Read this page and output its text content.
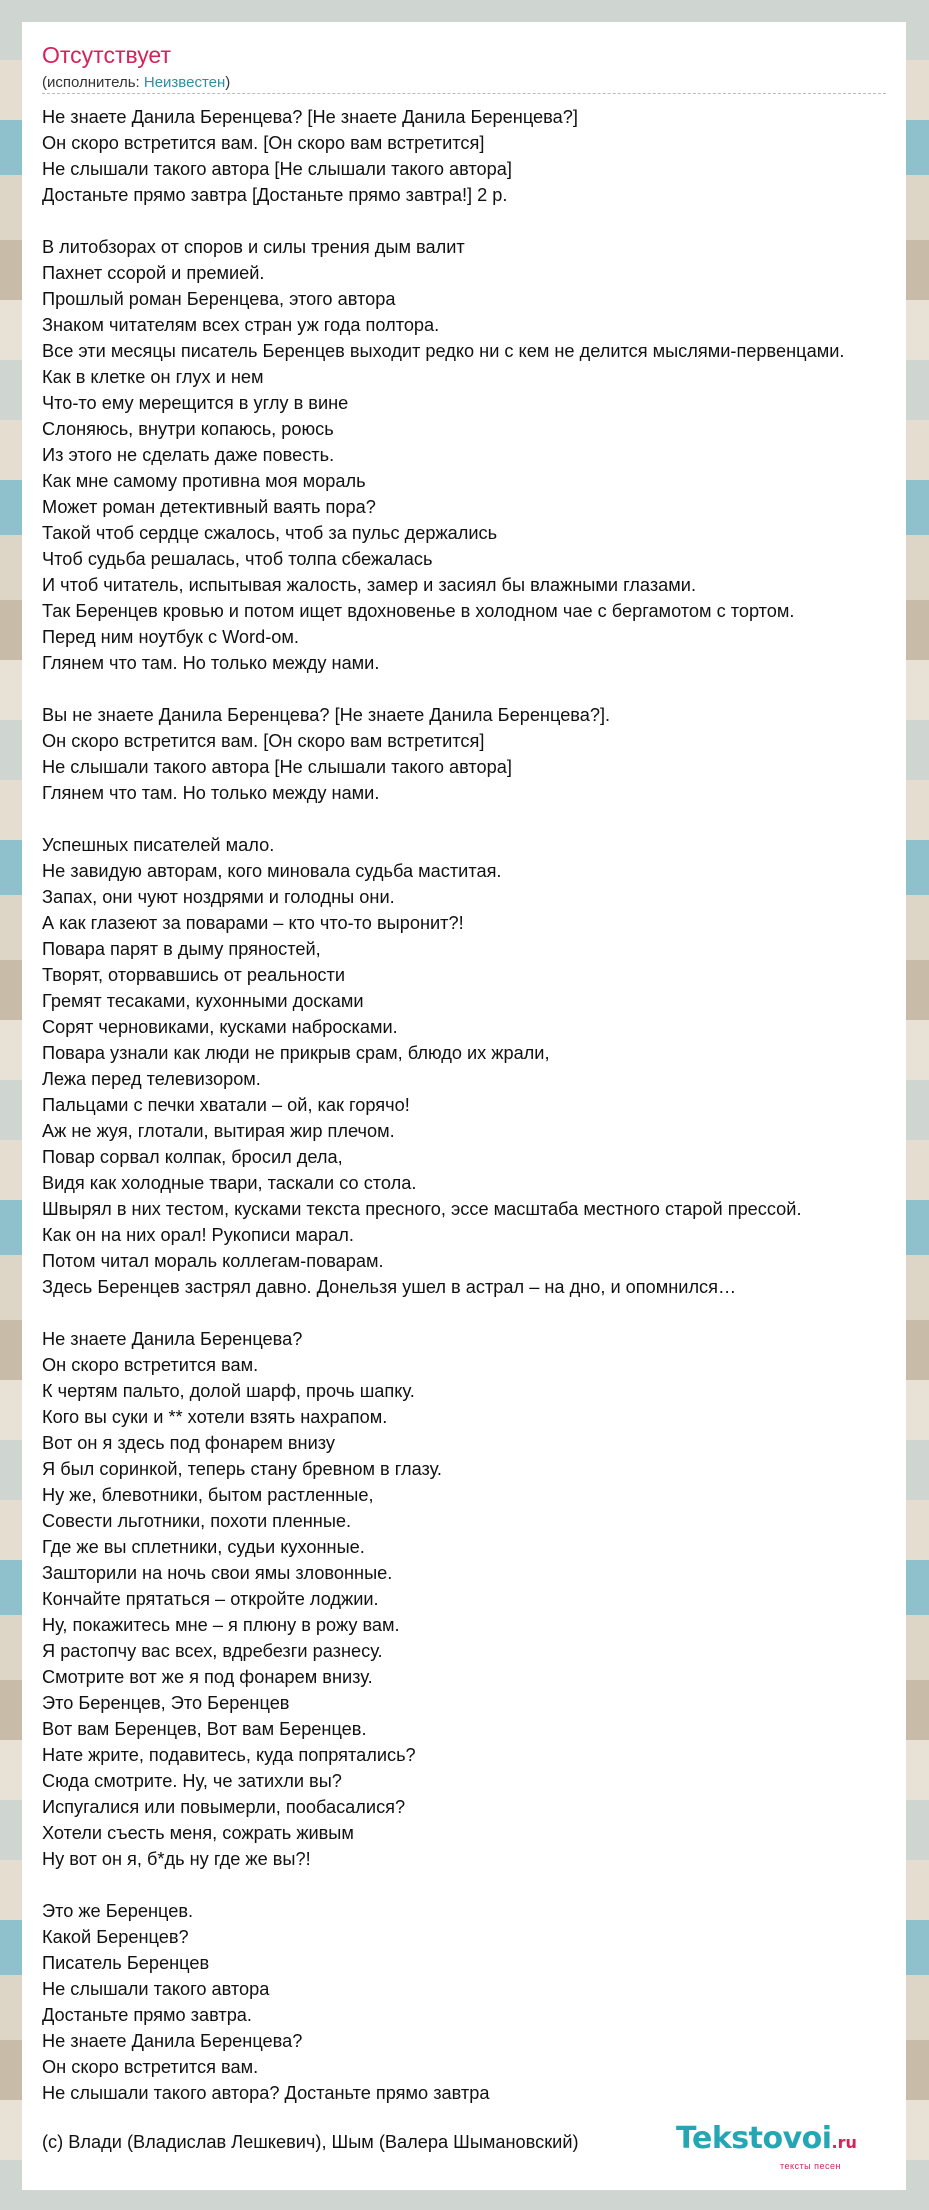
Отсутствует
(исполнитель: Неизвестен)
Не знаете Данила Беренцева? [Не знаете Данила Беренцева?]
Он скоро встретится вам. [Он скоро вам встретится]
Не слышали такого автора [Не слышали такого автора]
Достаньте прямо завтра [Достаньте прямо завтра!] 2 р.
В литобзорах от споров и силы трения дым валит
Пахнет ссорой и премией.
Прошлый роман Беренцева, этого автора
Знаком читателям всех стран уж года полтора.
Все эти месяцы писатель Беренцев выходит редко ни с кем не делится мыслями-первенцами.
Как в клетке он глух и нем
Что-то ему мерещится в углу в вине
Слоняюсь, внутри копаюсь, роюсь
Из этого не сделать даже повесть.
Как мне самому противна моя мораль
Может роман детективный ваять пора?
Такой чтоб сердце сжалось, чтоб за пульс держались
Чтоб судьба решалась, чтоб толпа сбежалась
И чтоб читатель, испытывая жалость, замер и засиял бы влажными глазами.
Так Беренцев кровью и потом ищет вдохновенье в холодном чае с бергамотом с тортом.
Перед ним ноутбук с Word-ом.
Глянем что там. Но только между нами.
Вы не знаете Данила Беренцева? [Не знаете Данила Беренцева?].
Он скоро встретится вам. [Он скоро вам встретится]
Не слышали такого автора [Не слышали такого автора]
Глянем что там. Но только между нами.
Успешных писателей мало.
Не завидую авторам, кого миновала судьба маститая.
Запах, они чуют ноздрями и голодны они.
А как глазеют за поварами – кто что-то выронит?!
Повара парят в дыму пряностей,
Творят, оторвавшись от реальности
Гремят тесаками, кухонными досками
Сорят черновиками, кусками набросками.
Повара узнали как люди не прикрыв срам, блюдо их жрали,
Лежа перед телевизором.
Пальцами с печки хватали – ой, как горячо!
Аж не жуя, глотали, вытирая жир плечом.
Повар сорвал колпак, бросил дела,
Видя как холодные твари, таскали со стола.
Швырял в них тестом, кусками текста пресного, эссе масштаба местного старой прессой.
Как он на них орал! Рукописи марал.
Потом читал мораль коллегам-поварам.
Здесь Беренцев застрял давно. Донельзя ушел в астрал – на дно, и опомнился…
Не знаете Данила Беренцева?
Он скоро встретится вам.
К чертям пальто, долой шарф, прочь шапку.
Кого вы суки и ** хотели взять нахрапом.
Вот он я здесь под фонарем внизу
Я был соринкой, теперь стану бревном в глазу.
Ну же, блевотники, бытом растленные,
Совести льготники, похоти пленные.
Где же вы сплетники, судьи кухонные.
Зашторили на ночь свои ямы зловонные.
Кончайте прятаться – откройте лоджии.
Ну, покажитесь мне – я плюну в рожу вам.
Я растопчу вас всех, вдребезги разнесу.
Смотрите вот же я под фонарем внизу.
Это Беренцев, Это Беренцев
Вот вам Беренцев, Вот вам Беренцев.
Нате жрите, подавитесь, куда попрятались?
Сюда смотрите. Ну, че затихли вы?
Испугалися или повымерли, пообасалися?
Хотели съесть меня, сожрать живым
Ну вот он я, б*дь ну где же вы?!
Это же Беренцев.
Какой Беренцев?
Писатель Беренцев
Не слышали такого автора
Достаньте прямо завтра.
Не знаете Данила Беренцева?
Он скоро встретится вам.
Не слышали такого автора? Достаньте прямо завтра
(c) Влади (Владислав Лешкевич), Шым (Валера Шымановский)	Tekstovoi.ru
тексты песен
